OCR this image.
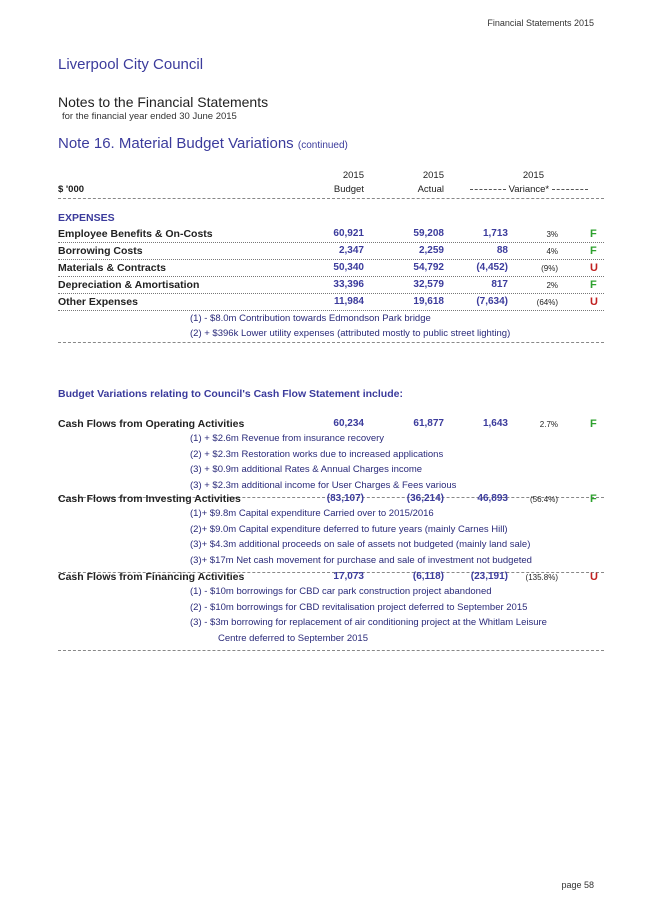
Financial Statements 2015
Liverpool City Council
Notes to the Financial Statements
for the financial year ended 30 June 2015
Note 16. Material Budget Variations (continued)
2015	2015	2015
$ '000	Budget	Actual	Variance*
EXPENSES
Employee Benefits & On-Costs	60,921	59,208	1,713	3%	F
Borrowing Costs	2,347	2,259	88	4%	F
Materials & Contracts	50,340	54,792	(4,452)	(9%)	U
Depreciation & Amortisation	33,396	32,579	817	2%	F
Other Expenses	11,984	19,618	(7,634)	(64%)	U
(1) - $8.0m Contribution towards Edmondson Park bridge
(2) + $396k Lower utility expenses (attributed mostly to public street lighting)
Budget Variations relating to Council's Cash Flow Statement include:
Cash Flows from Operating Activities	60,234	61,877	1,643	2.7%	F
(1) + $2.6m Revenue from insurance recovery
(2) + $2.3m Restoration works due to increased applications
(3) + $0.9m additional Rates & Annual Charges income
(3) + $2.3m additional income for User Charges & Fees various
Cash Flows from Investing Activities	(83,107)	(36,214)	46,893	(56.4%)	F
(1)+ $9.8m Capital expenditure Carried over to 2015/2016
(2)+ $9.0m Capital expenditure deferred to future years (mainly Carnes Hill)
(3)+ $4.3m additional proceeds on sale of assets not budgeted (mainly land sale)
(3)+ $17m Net cash movement for purchase and sale of investment not budgeted
Cash Flows from Financing Activities	17,073	(6,118)	(23,191)	(135.8%)	U
(1) - $10m borrowings for CBD car park construction project abandoned
(2) - $10m borrowings for CBD revitalisation project deferred to September 2015
(3) - $3m borrowing for replacement of air conditioning project at the Whitlam Leisure
Centre deferred to September 2015
page 58
